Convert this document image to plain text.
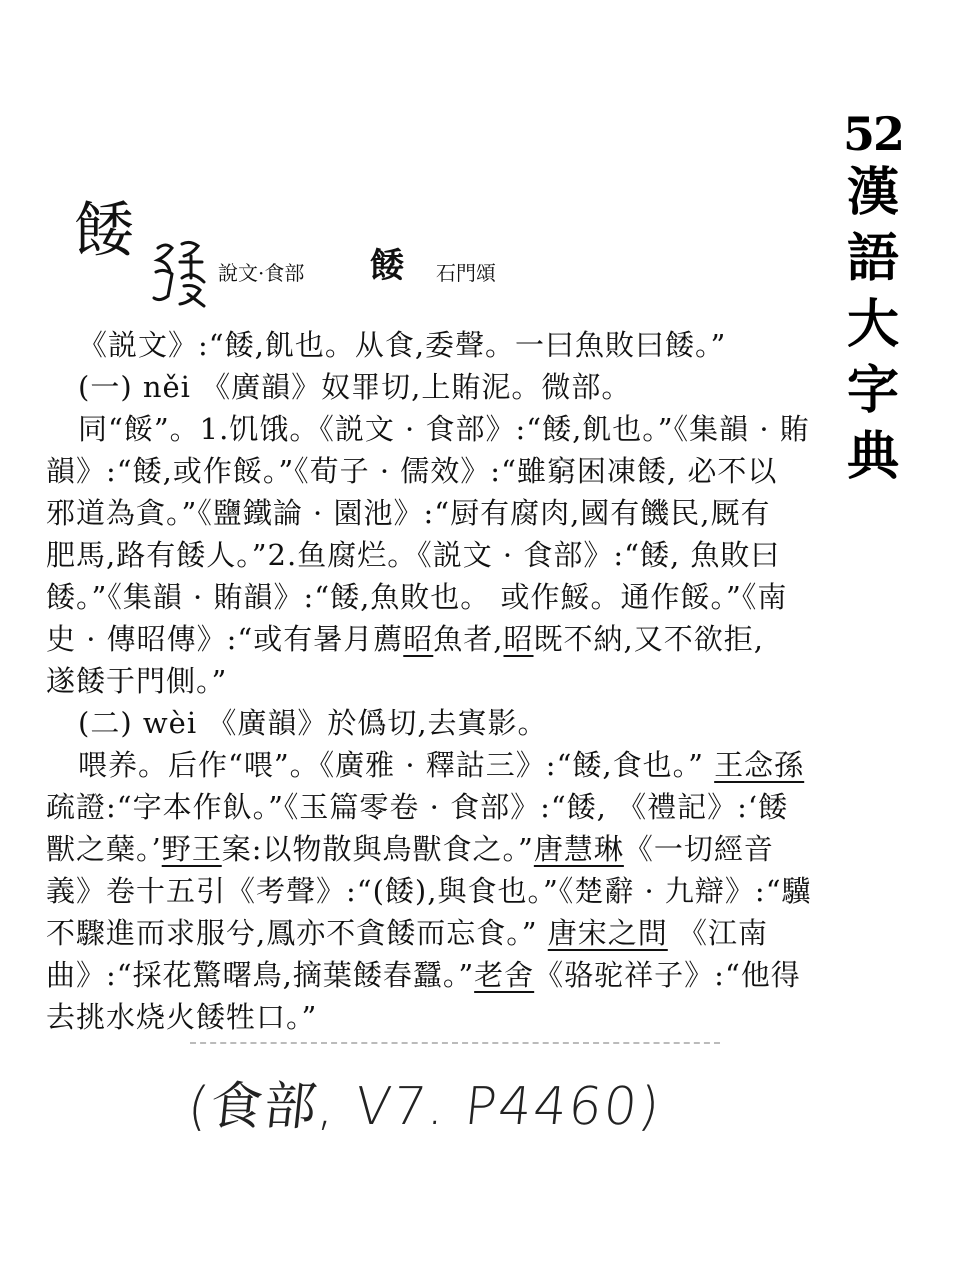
52
漢
語
大
字
典
餧
說文·食部 餧 石門頌
《説文》:“餧,飢也。从食,委聲。一曰魚敗曰餧。”
(一) něi 《廣韻》奴罪切,上賄泥。微部。
同“餒”。1.饥饿。《説文 · 食部》:“餧,飢也。”《集韻 · 賄
韻》:“餧,或作餒。”《荀子 · 儒效》:“雖窮困凍餧, 必不以
邪道為貪。”《鹽鐵論 · 園池》:“厨有腐肉,國有饑民,厩有
肥馬,路有餧人。”2.鱼腐烂。《説文 · 食部》:“餧, 魚敗曰
餧。”《集韻 · 賄韻》:“餧,魚敗也。 或作鮾。通作餒。”《南
史 · 傳昭傳》:“或有暑月薦昭魚者,昭既不納,又不欲拒,
遂餧于門側。”
(二) wèi 《廣韻》於僞切,去寘影。
喂养。后作“喂”。《廣雅 · 釋詁三》:“餧,食也。” 王念孫
疏證:“字本作飤。”《玉篇零卷 · 食部》:“餧, 《禮記》:‘餧
獸之蘖。’野王案:以物散與鳥獸食之。”唐慧琳《一切經音
義》卷十五引《考聲》:“(餧),與食也。”《楚辭 · 九辯》:“驥
不驟進而求服兮,鳳亦不貪餧而忘食。” 唐宋之問 《江南
曲》:“採花驚曙鳥,摘葉餧春蠶。”老舍《骆驼祥子》:“他得
去挑水烧火餧牲口。”
(食部, V7. P4460)
